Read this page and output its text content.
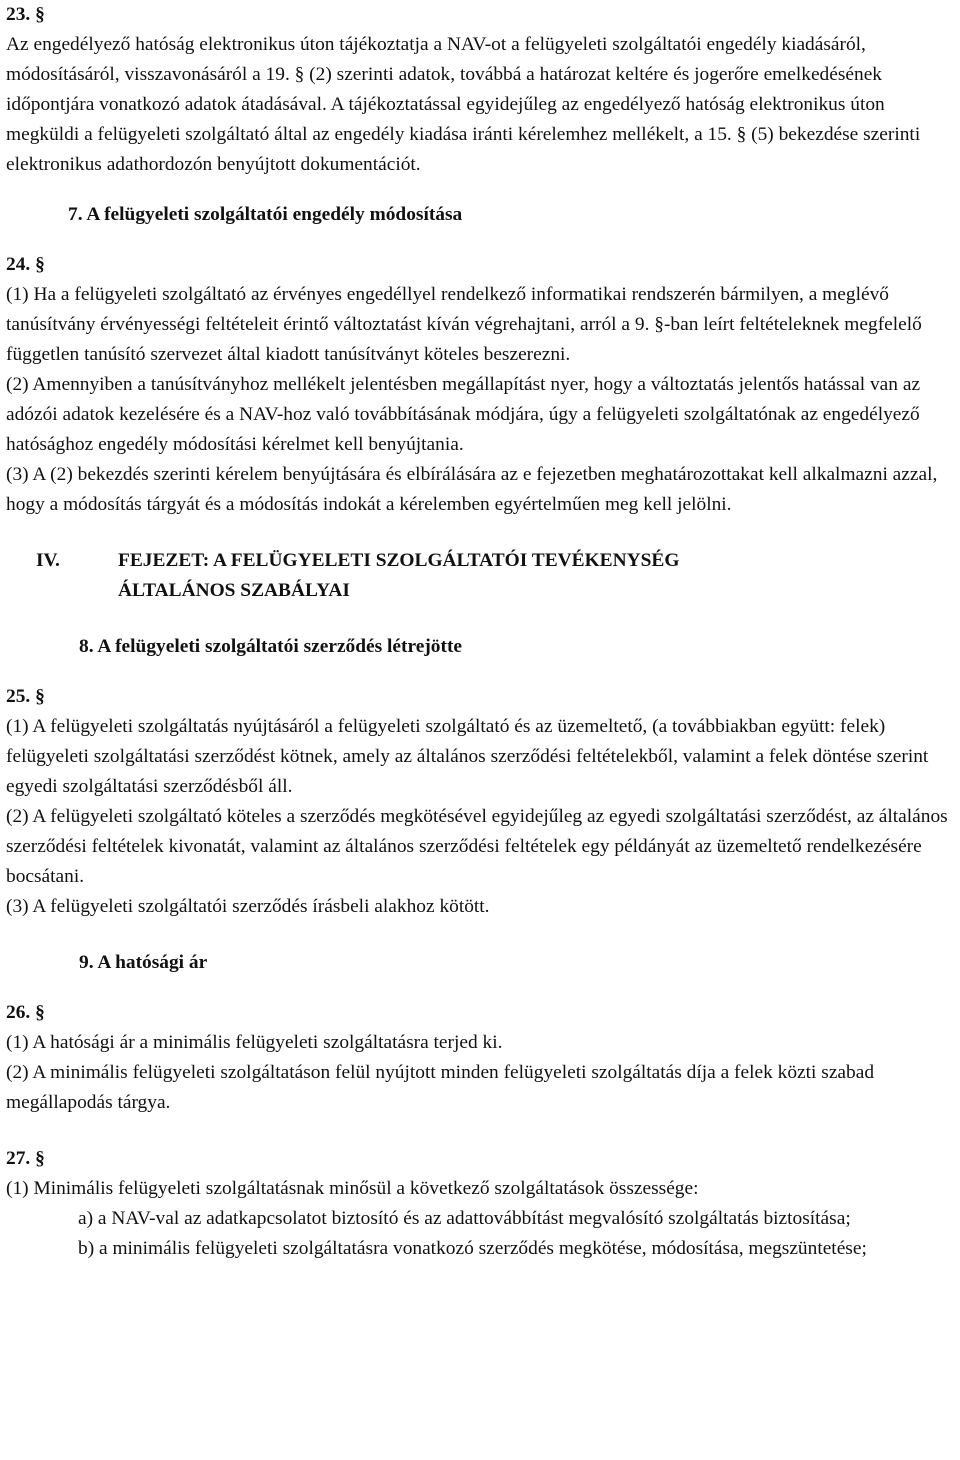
23. §

Az engedélyező hatóság elektronikus úton tájékoztatja a NAV-ot a felügyeleti szolgáltatói engedély kiadásáról, módosításáról, visszavonásáról a 19. § (2) szerinti adatok, továbbá a határozat keltére és jogerőre emelkedésének időpontjára vonatkozó adatok átadásával. A tájékoztatással egyidejűleg az engedélyező hatóság elektronikus úton megküldi a felügyeleti szolgáltató által az engedély kiadása iránti kérelemhez mellékelt, a 15. § (5) bekezdése szerinti elektronikus adathordozón benyújtott dokumentációt.

7. A felügyeleti szolgáltatói engedély módosítása

24. §

(1) Ha a felügyeleti szolgáltató az érvényes engedéllyel rendelkező informatikai rendszerén bármilyen, a meglévő tanúsítvány érvényességi feltételeit érintő változtatást kíván végrehajtani, arról a 9. §-ban leírt feltételeknek megfelelő független tanúsító szervezet által kiadott tanúsítványt köteles beszerezni.

(2) Amennyiben a tanúsítványhoz mellékelt jelentésben megállapítást nyer, hogy a változtatás jelentős hatással van az adózói adatok kezelésére és a NAV-hoz való továbbításának módjára, úgy a felügyeleti szolgáltatónak az engedélyező hatósághoz engedély módosítási kérelmet kell benyújtania.

(3) A (2) bekezdés szerinti kérelem benyújtására és elbírálására az e fejezetben meghatározottakat kell alkalmazni azzal, hogy a módosítás tárgyát és a módosítás indokát a kérelemben egyértelműen meg kell jelölni.

IV.	FEJEZET: A FELÜGYELETI SZOLGÁLTATÓI TEVÉKENYSÉG
ÁLTALÁNOS SZABÁLYAI

8. A felügyeleti szolgáltatói szerződés létrejötte

25. §

(1) A felügyeleti szolgáltatás nyújtásáról a felügyeleti szolgáltató és az üzemeltető, (a továbbiakban együtt: felek) felügyeleti szolgáltatási szerződést kötnek, amely az általános szerződési feltételekből, valamint a felek döntése szerint egyedi szolgáltatási szerződésből áll.

(2) A felügyeleti szolgáltató köteles a szerződés megkötésével egyidejűleg az egyedi szolgáltatási szerződést, az általános szerződési feltételek kivonatát, valamint az általános szerződési feltételek egy példányát az üzemeltető rendelkezésére bocsátani.

(3) A felügyeleti szolgáltatói szerződés írásbeli alakhoz kötött.

9. A hatósági ár

26. §

(1) A hatósági ár a minimális felügyeleti szolgáltatásra terjed ki.

(2) A minimális felügyeleti szolgáltatáson felül nyújtott minden felügyeleti szolgáltatás díja a felek közti szabad megállapodás tárgya.

27. §

(1) Minimális felügyeleti szolgáltatásnak minősül a következő szolgáltatások összessége:

a) a NAV-val az adatkapcsolatot biztosító és az adattovábbítást megvalósító szolgáltatás biztosítása;

b) a minimális felügyeleti szolgáltatásra vonatkozó szerződés megkötése, módosítása, megszüntetése;
